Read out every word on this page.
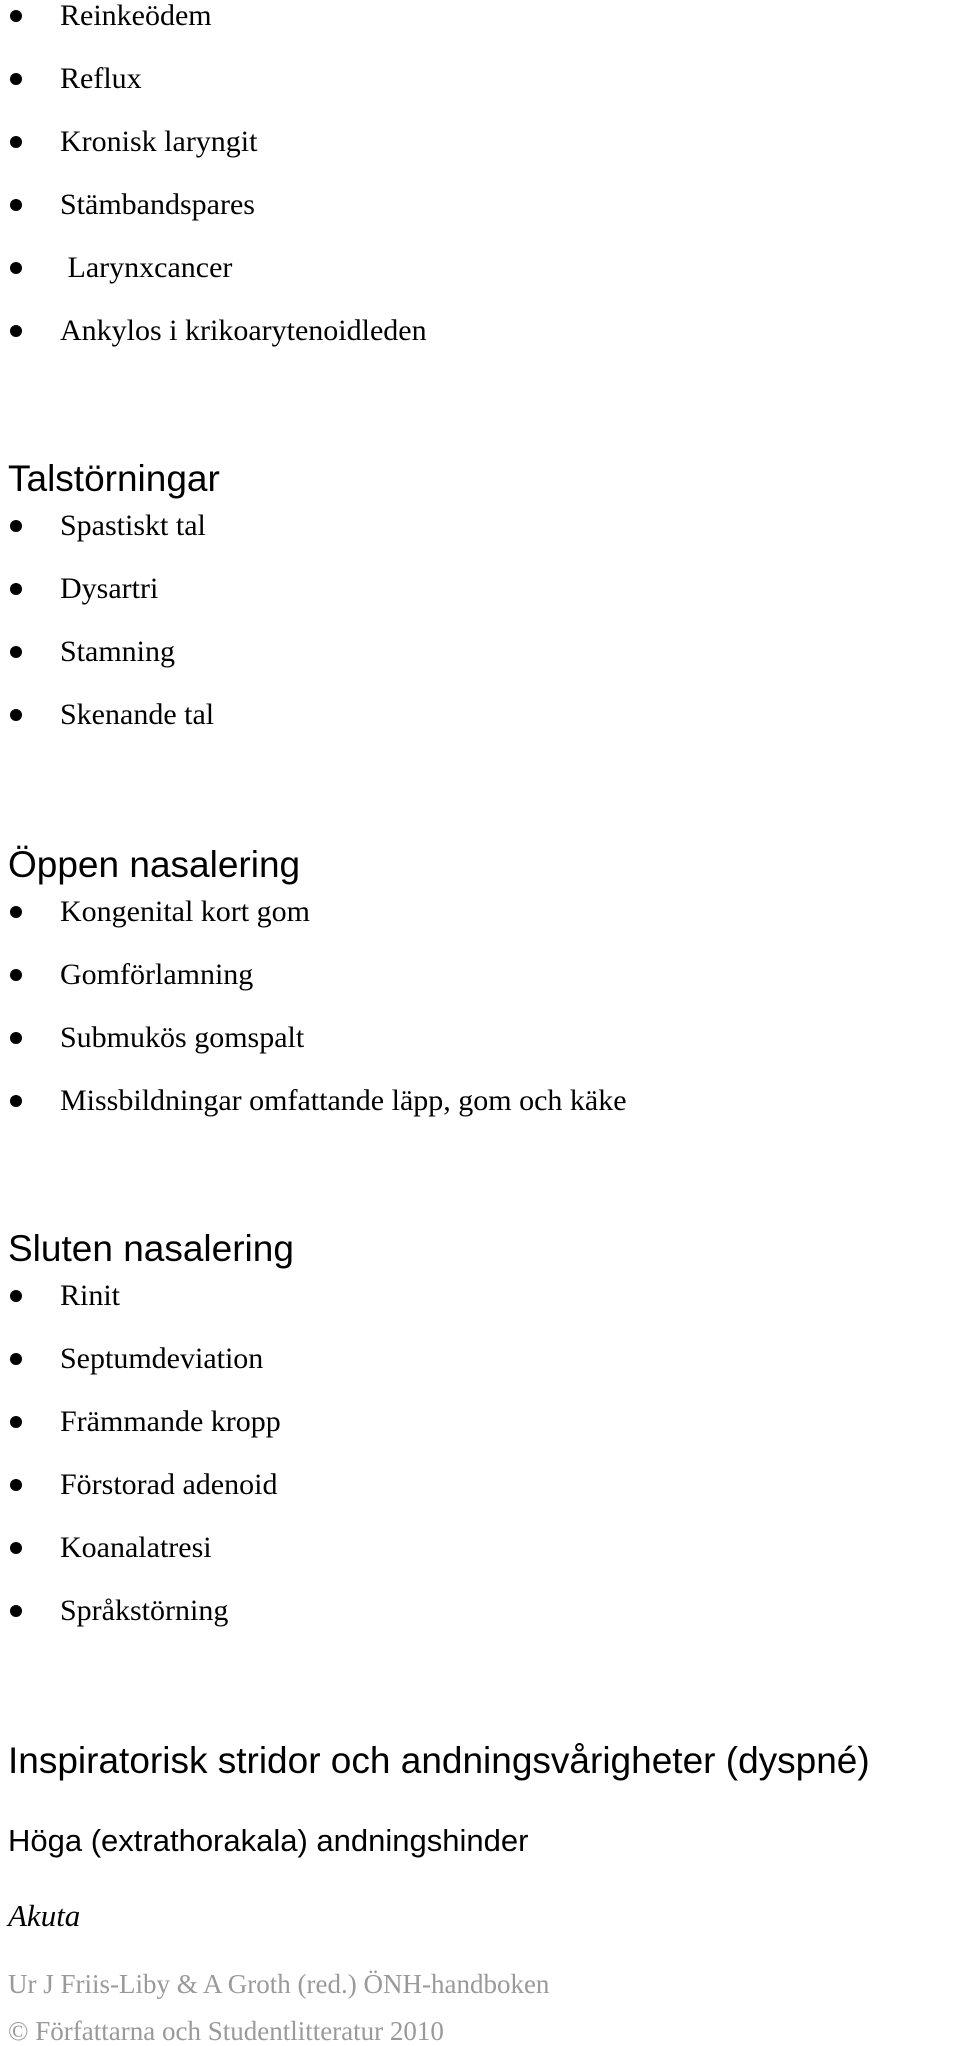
Reinkeödem
Reflux
Kronisk laryngit
Stämbandspares
Larynxcancer
Ankylos i krikoarytenoidleden
Talstörningar
Spastiskt tal
Dysartri
Stamning
Skenande tal
Öppen nasalering
Kongenital kort gom
Gomförlamning
Submukös gomspalt
Missbildningar omfattande läpp, gom och käke
Sluten nasalering
Rinit
Septumdeviation
Främmande kropp
Förstorad adenoid
Koanalatresi
Språkstörning
Inspiratorisk stridor och andningsvårigheter (dyspné)
Höga (extrathorakala) andningshinder
Akuta
Ur J Friis-Liby & A Groth (red.) ÖNH-handboken
© Författarna och Studentlitteratur 2010
